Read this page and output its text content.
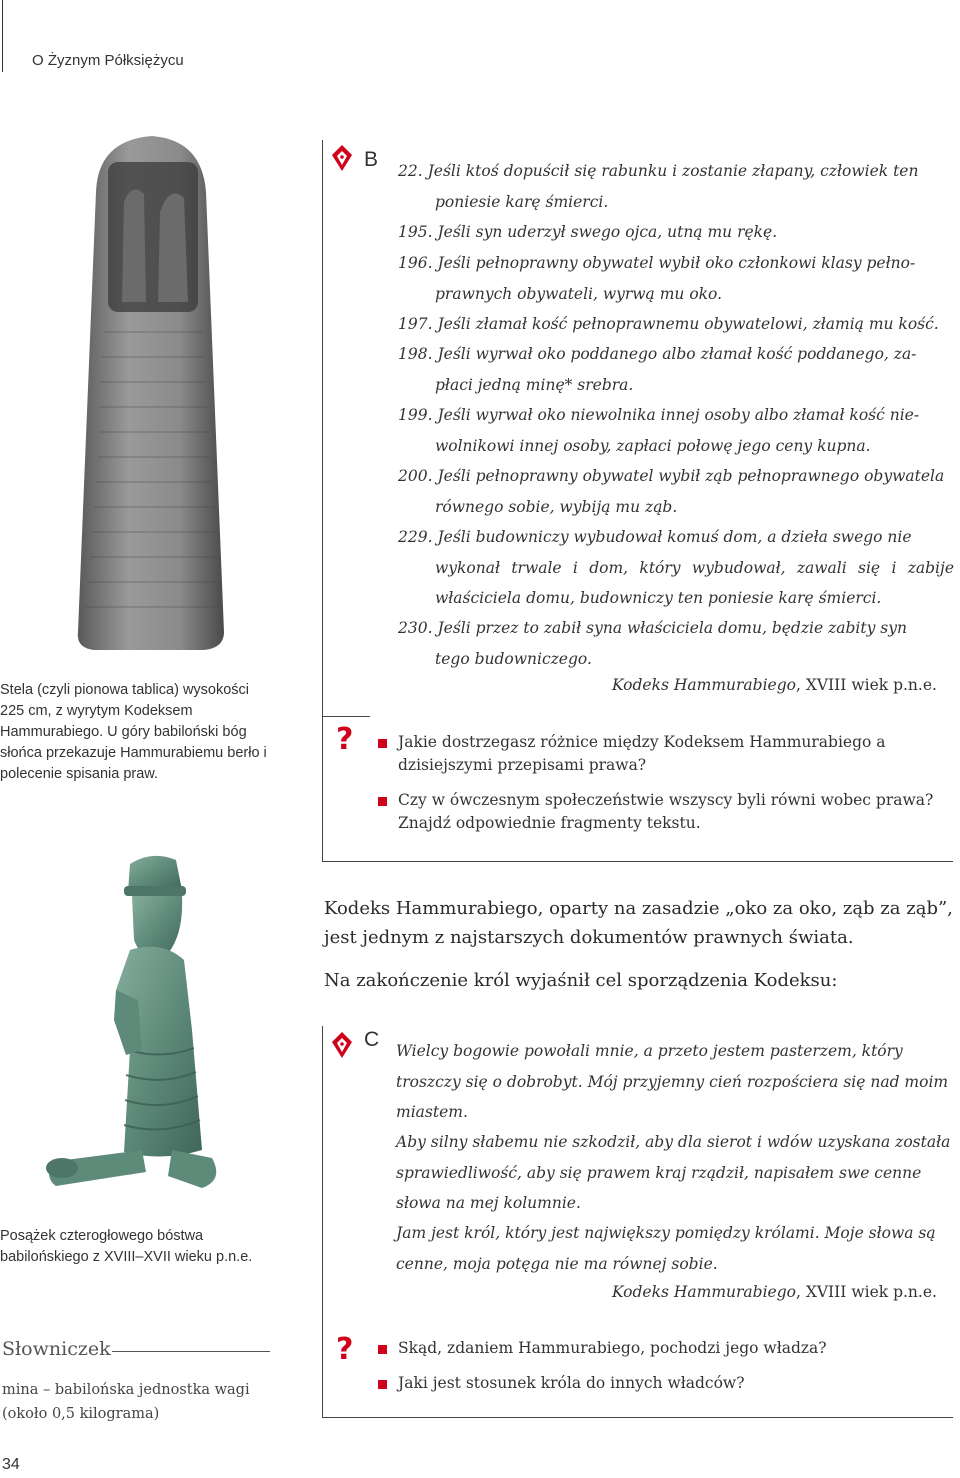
O Żyznym Półksiężycu
Stela (czyli pionowa tablica) wysokości 225 cm, z wyrytym Kodeksem Hammurabiego. U góry babiloński bóg słońca przekazuje Hammurabiemu berło i polecenie spisania praw.
B 22. Jeśli ktoś dopuścił się rabunku i zostanie złapany, człowiek ten
poniesie karę śmierci.
195. Jeśli syn uderzył swego ojca, utną mu rękę.
196. Jeśli pełnoprawny obywatel wybił oko członkowi klasy pełno-
prawnych obywateli, wyrwą mu oko.
197. Jeśli złamał kość pełnoprawnemu obywatelowi, złamią mu kość.
198. Jeśli wyrwał oko poddanego albo złamał kość poddanego, za-
płaci jedną minę* srebra.
199. Jeśli wyrwał oko niewolnika innej osoby albo złamał kość nie-
wolnikowi innej osoby, zapłaci połowę jego ceny kupna.
200. Jeśli pełnoprawny obywatel wybił ząb pełnoprawnego obywatela
równego sobie, wybiją mu ząb.
229. Jeśli budowniczy wybudował komuś dom, a dzieła swego nie
wykonał trwale i dom, który wybudował, zawali się i zabije właściciela domu, budowniczy ten poniesie karę śmierci.
230. Jeśli przez to zabił syna właściciela domu, będzie zabity syn
tego budowniczego.
Kodeks Hammurabiego, XVIII wiek p.n.e.
?	Jakie dostrzegasz różnice między Kodeksem Hammurabiego a dzisiejszymi przepisami prawa?
Czy w ówczesnym społeczeństwie wszyscy byli równi wobec prawa? Znajdź odpowiednie fragmenty tekstu.
Posążek czterogłowego bóstwa babilońskiego z XVIII–XVII wieku p.n.e.
Kodeks Hammurabiego, oparty na zasadzie „oko za oko, ząb za ząb”, jest jednym z najstarszych dokumentów prawnych świata.
Na zakończenie król wyjaśnił cel sporządzenia Kodeksu:
C Wielcy bogowie powołali mnie, a przeto jestem pasterzem, który troszczy się o dobrobyt. Mój przyjemny cień rozpościera się nad moim miastem.
Aby silny słabemu nie szkodził, aby dla sierot i wdów uzyskana została sprawiedliwość, aby się prawem kraj rządził, napisałem swe cenne słowa na mej kolumnie.
Jam jest król, który jest największy pomiędzy królami. Moje słowa są cenne, moja potęga nie ma równej sobie.
Kodeks Hammurabiego, XVIII wiek p.n.e.
?	Skąd, zdaniem Hammurabiego, pochodzi jego władza?
Jaki jest stosunek króla do innych władców?
Słowniczek
mina – babilońska jednostka wagi (około 0,5 kilograma)
34
